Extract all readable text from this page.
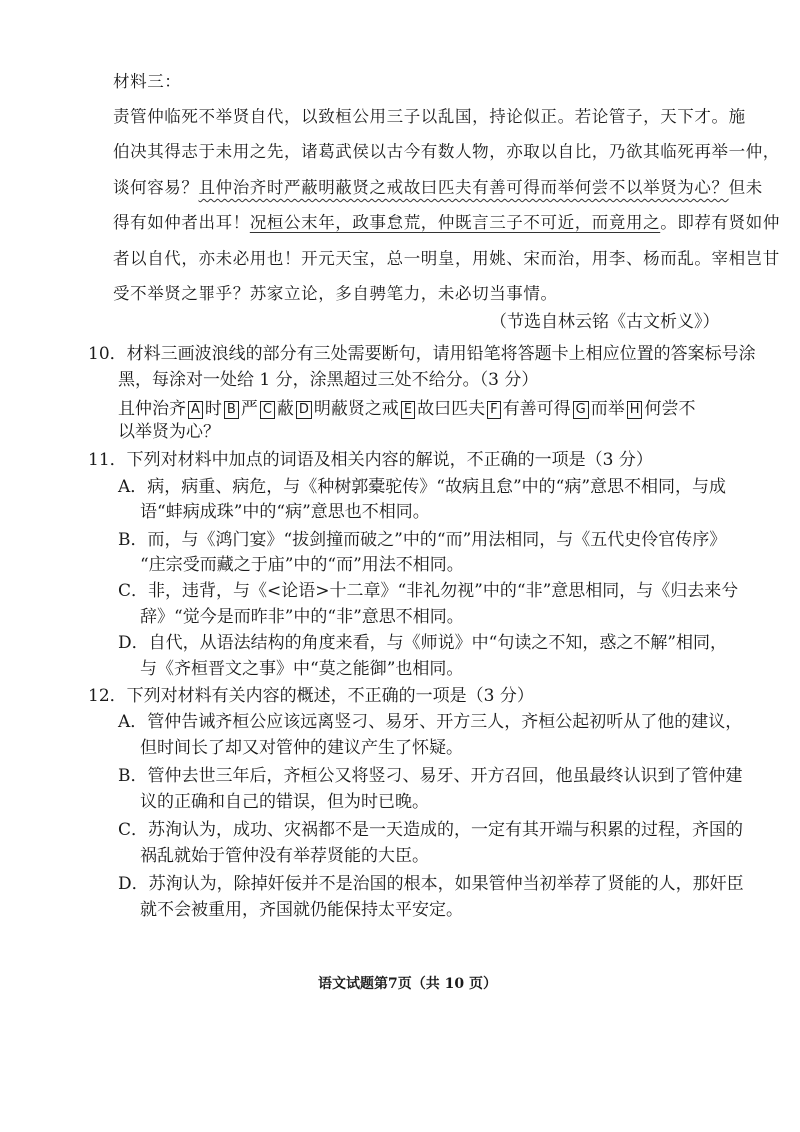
材料三：
责管仲临死不举贤自代，以致桓公用三子以乱国，持论似正。若论管子，天下才。施
伯决其得志于未用之先，诸葛武侯以古今有数人物，亦取以自比，乃欲其临死再举一仲，
谈何容易？且仲治齐时严蔽明蔽贤之戒故曰匹夫有善可得而举何尝不以举贤为心？但未
得有如仲者出耳！况桓公末年，政事怠荒，仲既言三子不可近，而竟用之。即荐有贤如仲
者以自代，亦未必用也！开元天宝，总一明皇，用姚、宋而治，用李、杨而乱。宰相岂甘
受不举贤之罪乎？苏家立论，多自骋笔力，未必切当事情。
（节选自林云铭《古文析义》）
10．材料三画波浪线的部分有三处需要断句，请用铅笔将答题卡上相应位置的答案标号涂
黑，每涂对一处给 1 分，涂黑超过三处不给分。（3 分）
且仲治齐 A 时 B 严 C 蔽 D 明蔽贤之戒 E 故曰匹夫 F 有善可得 G 而举 H 何尝不
以举贤为心？
11．下列对材料中加点的词语及相关内容的解说，不正确的一项是（3 分）
A．病，病重、病危，与《种树郭橐驼传》“故病且怠”中的“病”意思不相同，与成
语“蚌病成珠”中的“病”意思也不相同。
B．而，与《鸿门宴》“拔剑撞而破之”中的“而”用法相同，与《五代史伶官传序》
“庄宗受而藏之于庙”中的“而”用法不相同。
C．非，违背，与《<论语>十二章》“非礼勿视”中的“非”意思相同，与《归去来兮
辞》“觉今是而昨非”中的“非”意思不相同。
D．自代，从语法结构的角度来看，与《师说》中“句读之不知，惑之不解”相同，
与《齐桓晋文之事》中“莫之能御”也相同。
12．下列对材料有关内容的概述，不正确的一项是（3 分）
A．管仲告诫齐桓公应该远离竖刁、易牙、开方三人，齐桓公起初听从了他的建议，
但时间长了却又对管仲的建议产生了怀疑。
B．管仲去世三年后，齐桓公又将竖刁、易牙、开方召回，他虽最终认识到了管仲建
议的正确和自己的错误，但为时已晚。
C．苏洵认为，成功、灾祸都不是一天造成的，一定有其开端与积累的过程，齐国的
祸乱就始于管仲没有举荐贤能的大臣。
D．苏洵认为，除掉奸佞并不是治国的根本，如果管仲当初举荐了贤能的人，那奸臣
就不会被重用，齐国就仍能保持太平安定。
语文试题第7页（共 10 页）
